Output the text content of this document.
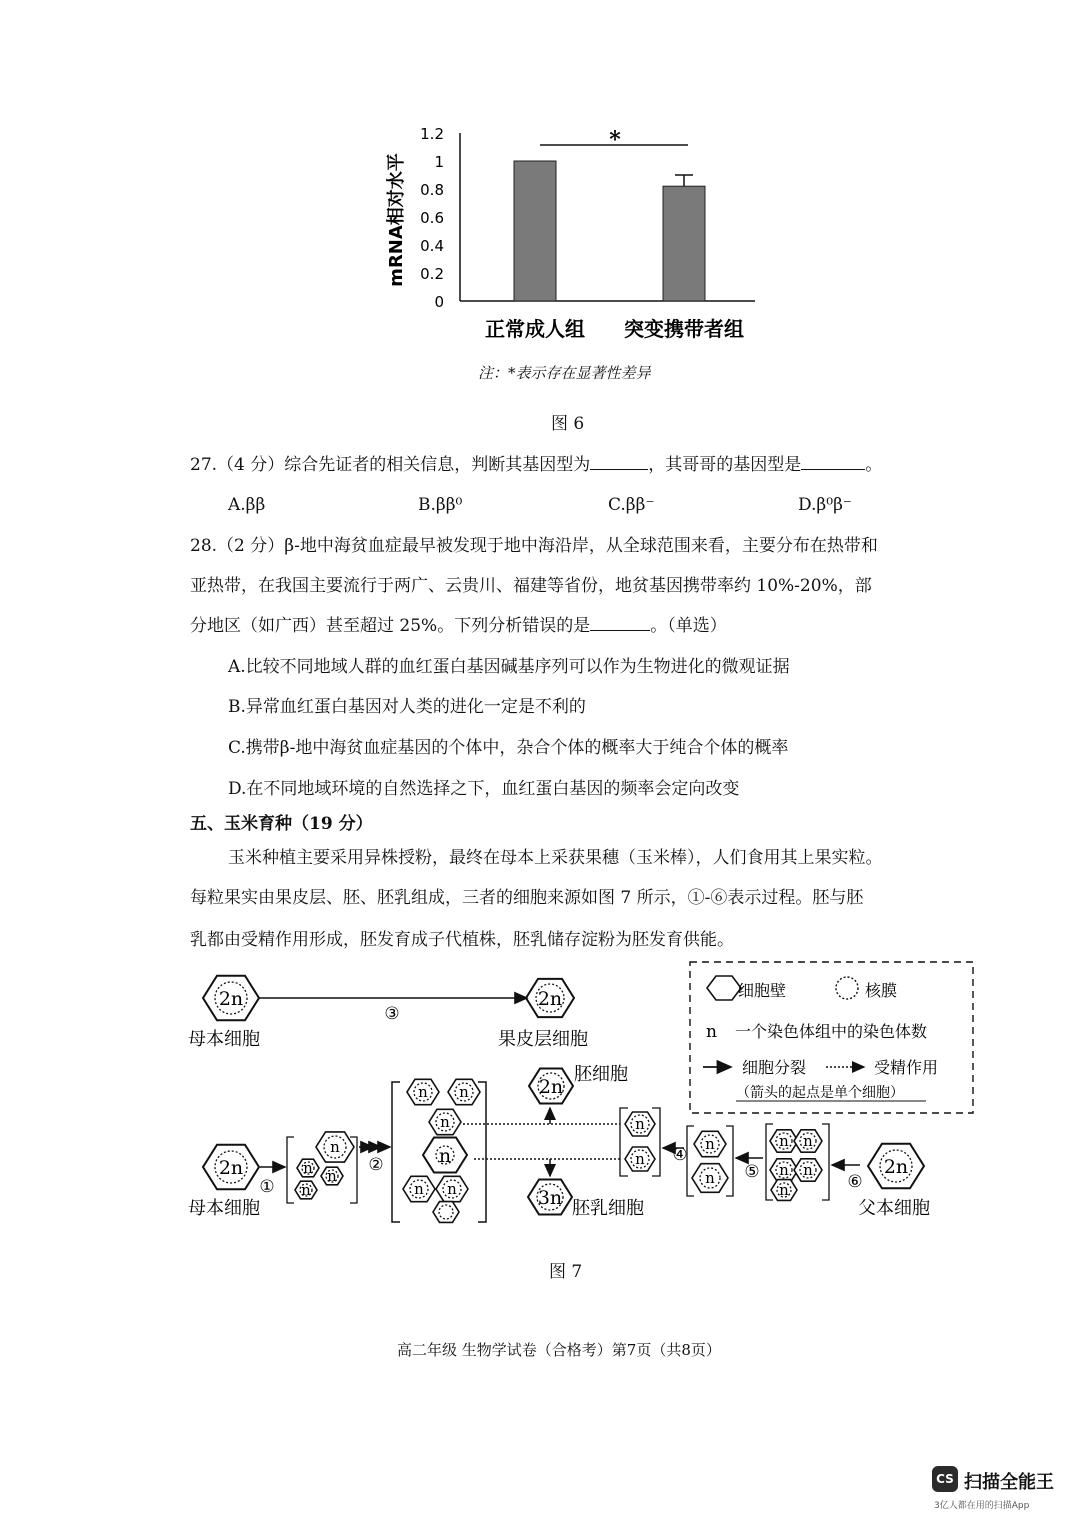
mRNA相对水平
1.2
1
0.8
0.6
0.4
0.2
0
*
正常成人组 突变携带者组
注：*表示存在显著性差异
图 6
27.（4 分）综合先证者的相关信息，判断其基因型为	，其哥哥的基因型是	。
A.ββ	B.ββ⁰	C.ββ⁻	D.β⁰β⁻
28.（2 分）β-地中海贫血症最早被发现于地中海沿岸，从全球范围来看，主要分布在热带和
亚热带，在我国主要流行于两广、云贵川、福建等省份，地贫基因携带率约 10%-20%，部
分地区（如广西）甚至超过 25%。下列分析错误的是	。（单选）
A.比较不同地域人群的血红蛋白基因碱基序列可以作为生物进化的微观证据
B.异常血红蛋白基因对人类的进化一定是不利的
C.携带β-地中海贫血症基因的个体中，杂合个体的概率大于纯合个体的概率
D.在不同地域环境的自然选择之下，血红蛋白基因的频率会定向改变
五、玉米育种（19 分）
玉米种植主要采用异株授粉，最终在母本上采获果穗（玉米棒），人们食用其上果实粒。
每粒果实由果皮层、胚、胚乳组成，三者的细胞来源如图 7 所示，①-⑥表示过程。胚与胚
乳都由受精作用形成，胚发育成子代植株，胚乳储存淀粉为胚发育供能。
细胞壁	核膜
n 一个染色体组中的染色体数
细胞分裂	受精作用
（箭头的起点是单个细胞）
2n	2n
2n
2n
3n
2n
n
n n
n
n n
n
n
n n
n
n
n
n
n n
n n
n
③
母本细胞	果皮层细胞
胚细胞
胚乳细胞
母本细胞	父本细胞
①
②	④
⑤	⑥
图 7
高二年级 生物学试卷（合格考）第7页（共8页）
CS 扫描全能王
3亿人都在用的扫描App
